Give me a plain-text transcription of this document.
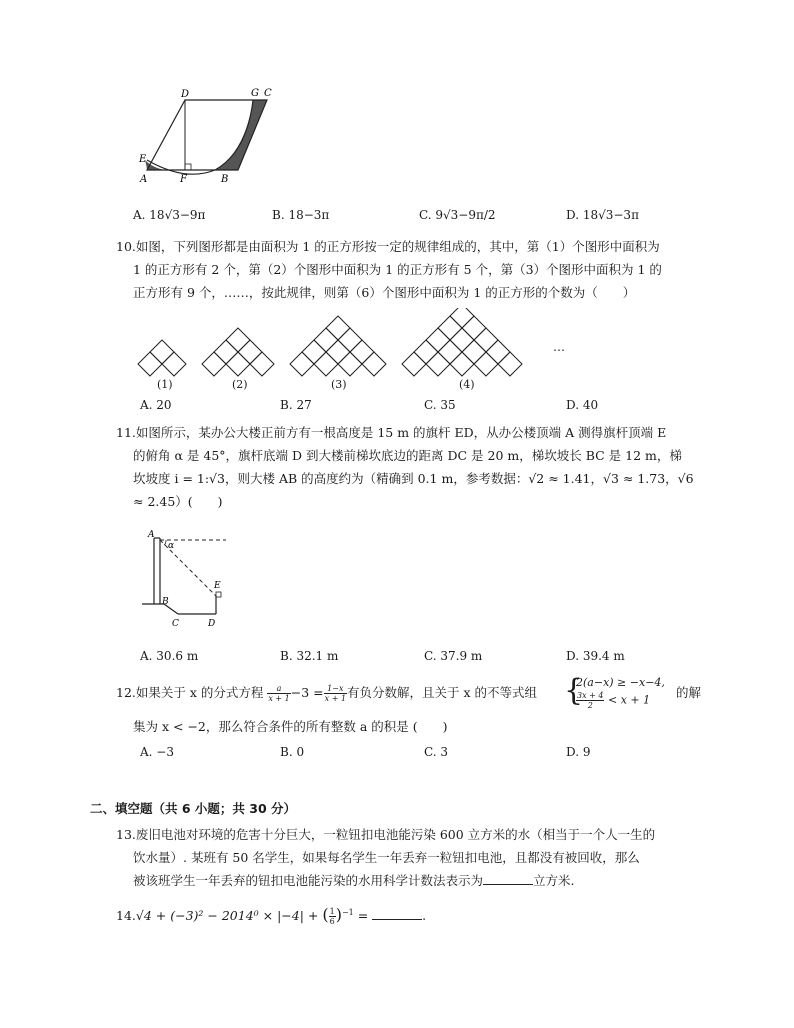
D	G C
E
A	F	B
A. 18√3−9π	B. 18−3π	C. 9√3−9π/2	D. 18√3−3π
10.如图，下列图形都是由面积为 1 的正方形按一定的规律组成的，其中，第（1）个图形中面积为
1 的正方形有 2 个，第（2）个图形中面积为 1 的正方形有 5 个，第（3）个图形中面积为 1 的
正方形有 9 个，……，按此规律，则第（6）个图形中面积为 1 的正方形的个数为（　　）
(1)	(2)	(3)	(4)
…
A. 20	B. 27	C. 35	D. 40
11.如图所示，某办公大楼正前方有一根高度是 15 m 的旗杆 ED，从办公楼顶端 A 测得旗杆顶端 E
的俯角 α 是 45°，旗杆底端 D 到大楼前梯坎底边的距离 DC 是 20 m，梯坎坡长 BC 是 12 m，梯
坎坡度 i = 1:√3，则大楼 AB 的高度约为（精确到 0.1 m，参考数据：√2 ≈ 1.41，√3 ≈ 1.73，√6
≈ 2.45）(　　)
A
α
E
B
C	D
A. 30.6 m	B. 32.1 m	C. 37.9 m	D. 39.4 m
12.如果关于 x 的分式方程 $\frac{a}{x + 1} -3 = \frac{1-x}{x + 1}$ 有负分数解，且关于 x 的不等式组 {
2(a−x) ≥ −x−4,
$\frac{3x + 4}{2} < x + 1$ 的解
集为 x < −2，那么符合条件的所有整数 a 的积是 (　　)
A. −3	B. 0	C. 3	D. 9
二、填空题（共 6 小题；共 30 分）
13.废旧电池对环境的危害十分巨大，一粒钮扣电池能污染 600 立方米的水（相当于一个人一生的
饮水量）. 某班有 50 名学生，如果每名学生一年丢弃一粒钮扣电池，且都没有被回收，那么
被该班学生一年丢弃的钮扣电池能污染的水用科学计数法表示为	立方米.
14.√4 + (−3)² − 2014⁰ × |−4| + ( $\frac{1}{6} )^{-1}$ =	.
